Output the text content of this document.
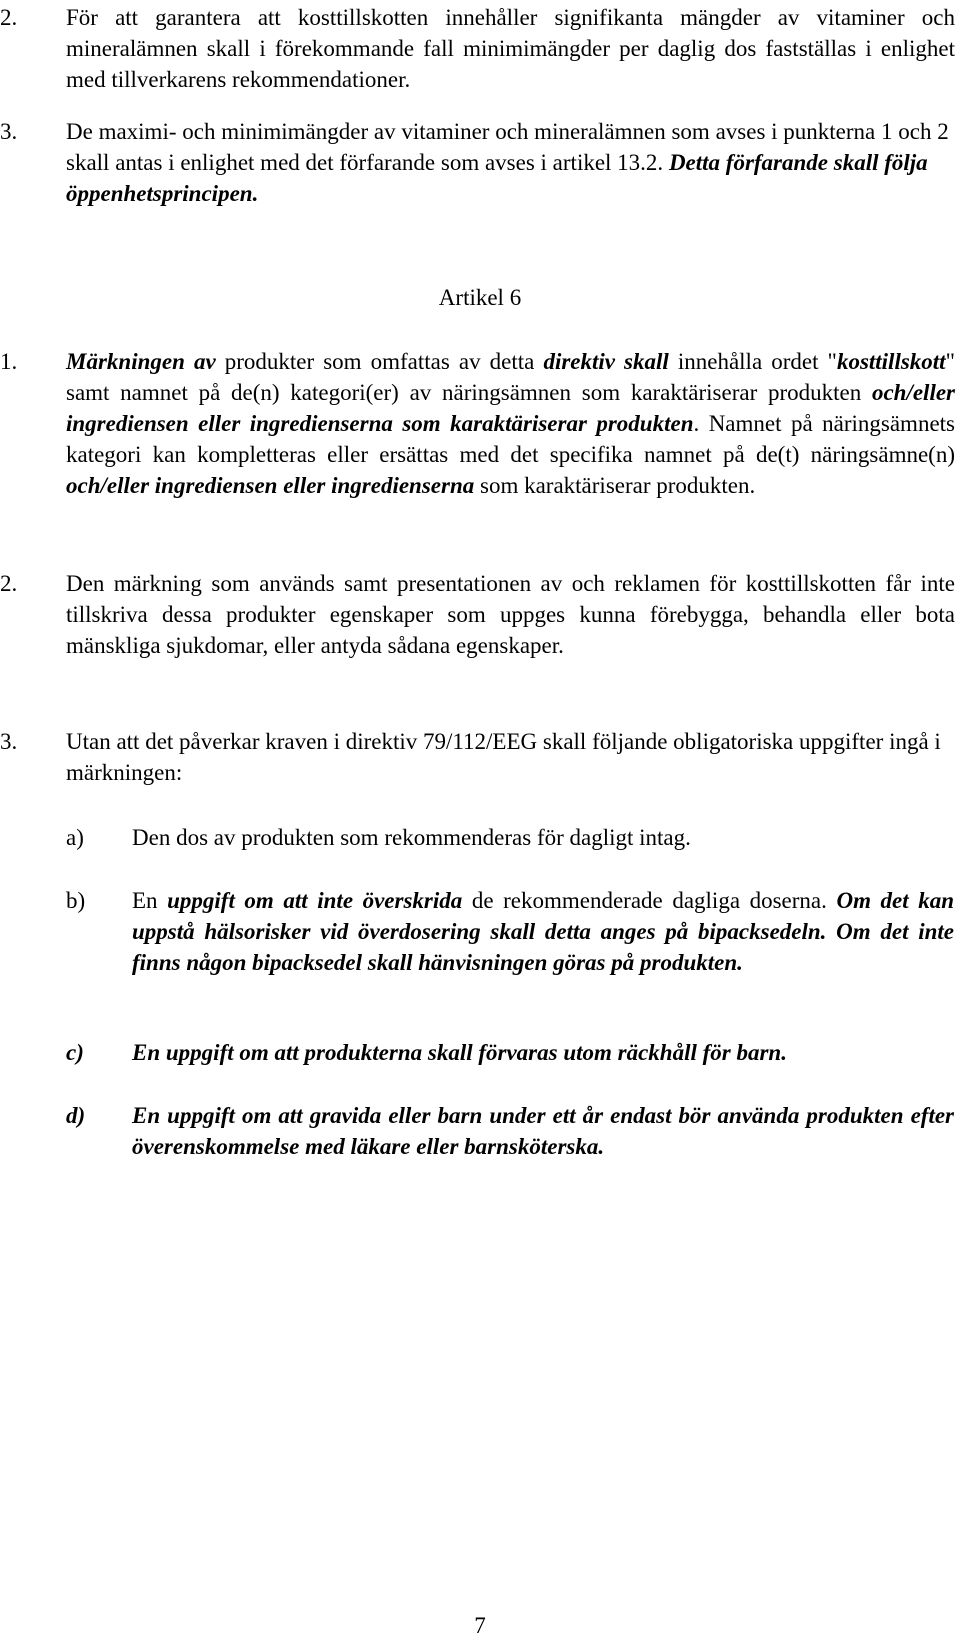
2.	För att garantera att kosttillskotten innehåller signifikanta mängder av vitaminer och mineralämnen skall i förekommande fall minimimängder per daglig dos fastställas i enlighet med tillverkarens rekommendationer.
3.	De maximi- och minimimängder av vitaminer och mineralämnen som avses i punkterna 1 och 2 skall antas i enlighet med det förfarande som avses i artikel 13.2. Detta förfarande skall följa öppenhetsprincipen.
Artikel 6
1.	Märkningen av produkter som omfattas av detta direktiv skall innehålla ordet "kosttillskott" samt namnet på de(n) kategori(er) av näringsämnen som karaktäriserar produkten och/eller ingrediensen eller ingredienserna som karaktäriserar produkten. Namnet på näringsämnets kategori kan kompletteras eller ersättas med det specifika namnet på de(t) näringsämne(n) och/eller ingrediensen eller ingredienserna som karaktäriserar produkten.
2.	Den märkning som används samt presentationen av och reklamen för kosttillskotten får inte tillskriva dessa produkter egenskaper som uppges kunna förebygga, behandla eller bota mänskliga sjukdomar, eller antyda sådana egenskaper.
3.	Utan att det påverkar kraven i direktiv 79/112/EEG skall följande obligatoriska uppgifter ingå i märkningen:
a)	Den dos av produkten som rekommenderas för dagligt intag.
b)	En uppgift om att inte överskrida de rekommenderade dagliga doserna. Om det kan uppstå hälsorisker vid överdosering skall detta anges på bipacksedeln. Om det inte finns någon bipacksedel skall hänvisningen göras på produkten.
c)	En uppgift om att produkterna skall förvaras utom räckhåll för barn.
d)	En uppgift om att gravida eller barn under ett år endast bör använda produkten efter överenskommelse med läkare eller barnsköterska.
7
